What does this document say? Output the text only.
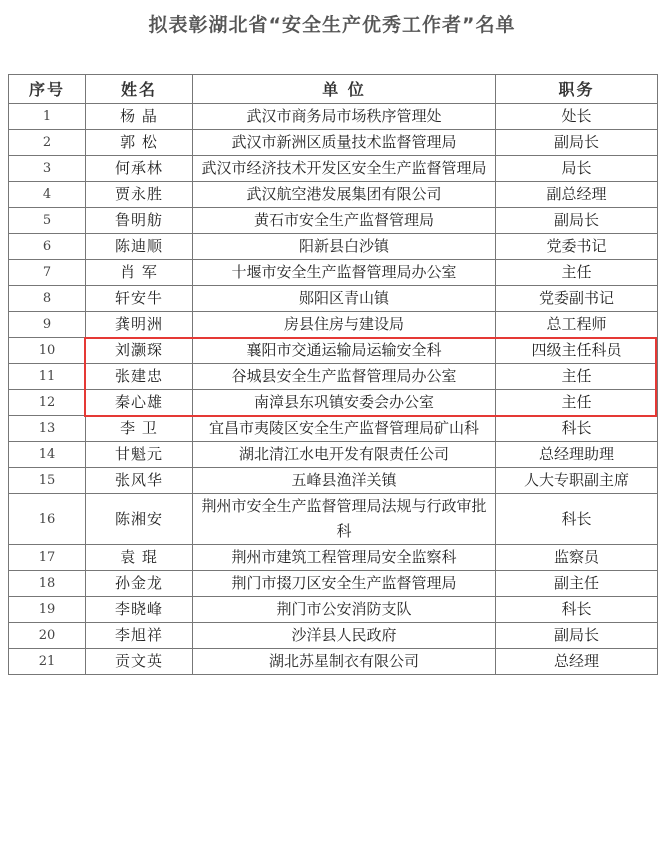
拟表彰湖北省“安全生产优秀工作者”名单
序号	姓名	单 位	职务
1	杨 晶	武汉市商务局市场秩序管理处	处长
2	郭 松	武汉市新洲区质量技术监督管理局	副局长
3	何承林	武汉市经济技术开发区安全生产监督管理局	局长
4	贾永胜	武汉航空港发展集团有限公司	副总经理
5	鲁明舫	黄石市安全生产监督管理局	副局长
6	陈迪顺	阳新县白沙镇	党委书记
7	肖 军	十堰市安全生产监督管理局办公室	主任
8	轩安牛	郧阳区青山镇	党委副书记
9	龚明洲	房县住房与建设局	总工程师
10	刘灏琛	襄阳市交通运输局运输安全科	四级主任科员
11	张建忠	谷城县安全生产监督管理局办公室	主任
12	秦心雄	南漳县东巩镇安委会办公室	主任
13	李 卫	宜昌市夷陵区安全生产监督管理局矿山科	科长
14	甘魁元	湖北清江水电开发有限责任公司	总经理助理
15	张风华	五峰县渔洋关镇	人大专职副主席
16	陈湘安	荆州市安全生产监督管理局法规与行政审批科	科长
17	袁 琨	荆州市建筑工程管理局安全监察科	监察员
18	孙金龙	荆门市掇刀区安全生产监督管理局	副主任
19	李晓峰	荆门市公安消防支队	科长
20	李旭祥	沙洋县人民政府	副局长
21	贡文英	湖北苏星制衣有限公司	总经理
